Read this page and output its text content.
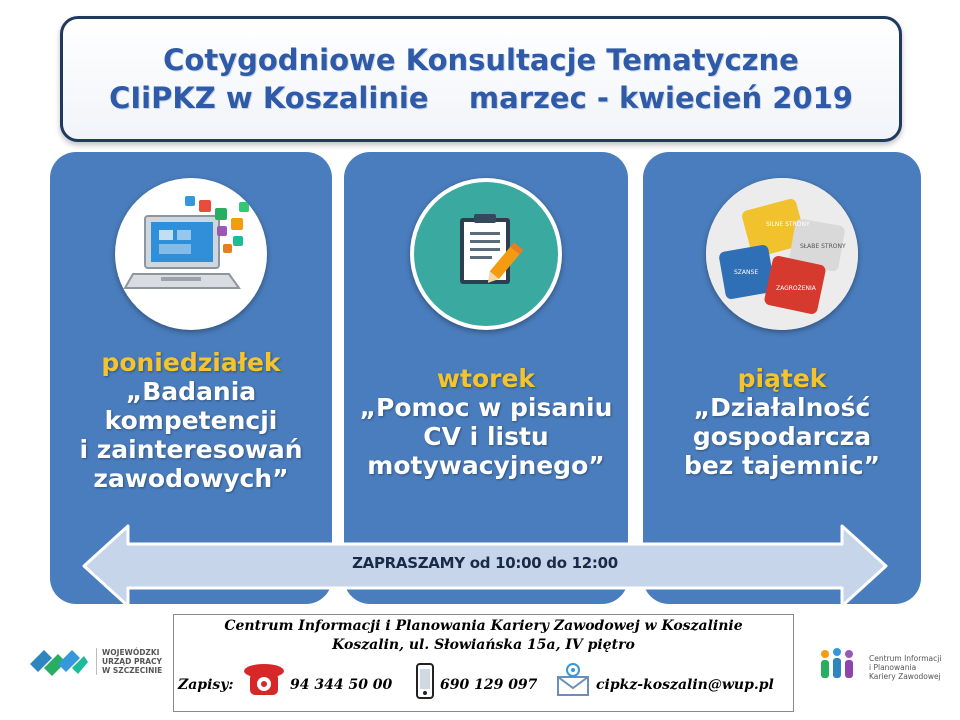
Cotygodniowe Konsultacje Tematyczne
CIiPKZ w Koszalinie    marzec - kwiecień 2019
poniedziałek
„Badania
kompetencji
i zainteresowań
zawodowych”
wtorek
„Pomoc w pisaniu
CV i listu
motywacyjnego”
SILNE STRONY
SŁABE STRONY
SZANSE
ZAGROŻENIA
piątek
„Działalność
gospodarcza
bez tajemnic”
ZAPRASZAMY od 10:00 do 12:00
WOJEWÓDZKI
URZĄD PRACY
W SZCZECINIE
Centrum Informacji i Planowania Kariery Zawodowej w Koszalinie
Koszalin, ul. Słowiańska 15a, IV piętro
Zapisy:	94 344 50 00	690 129 097	cipkz-koszalin@wup.pl
Centrum Informacji
i Planowania
Kariery Zawodowej
